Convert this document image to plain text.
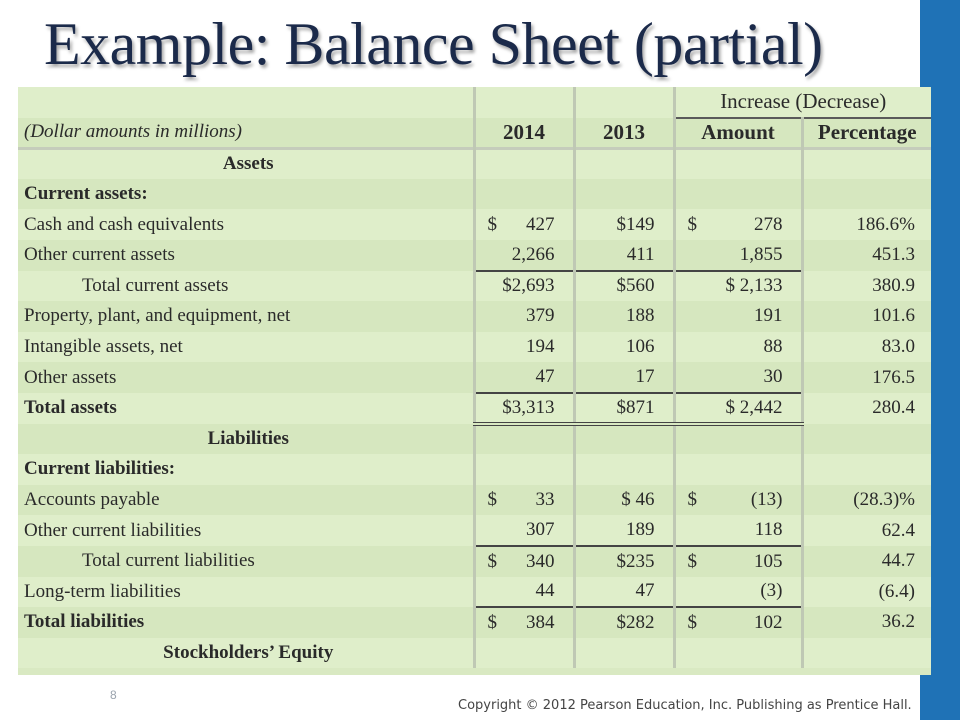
Example: Balance Sheet (partial)
			Increase (Decrease)	
(Dollar amounts in millions)	2014	2013	Amount	Percentage
Assets				
Current assets:				
Cash and cash equivalents	$ 427	$149	$ 278	186.6%
Other current assets	2,266	411	1,855	451.3
Total current assets	$2,693	$560	$ 2,133	380.9
Property, plant, and equipment, net	379	188	191	101.6
Intangible assets, net	194	106	88	83.0
Other assets	47	17	30	176.5
Total assets	$3,313	$871	$ 2,442	280.4
Liabilities				
Current liabilities:				
Accounts payable	$ 33	$ 46	$ (13)	(28.3)%
Other current liabilities	307	189	118	62.4
Total current liabilities	$ 340	$235	$ 105	44.7
Long-term liabilities	44	47	(3)	(6.4)
Total liabilities	$ 384	$282	$ 102	36.2
Stockholders’ Equity				
8
Copyright © 2012 Pearson Education, Inc. Publishing as Prentice Hall.
